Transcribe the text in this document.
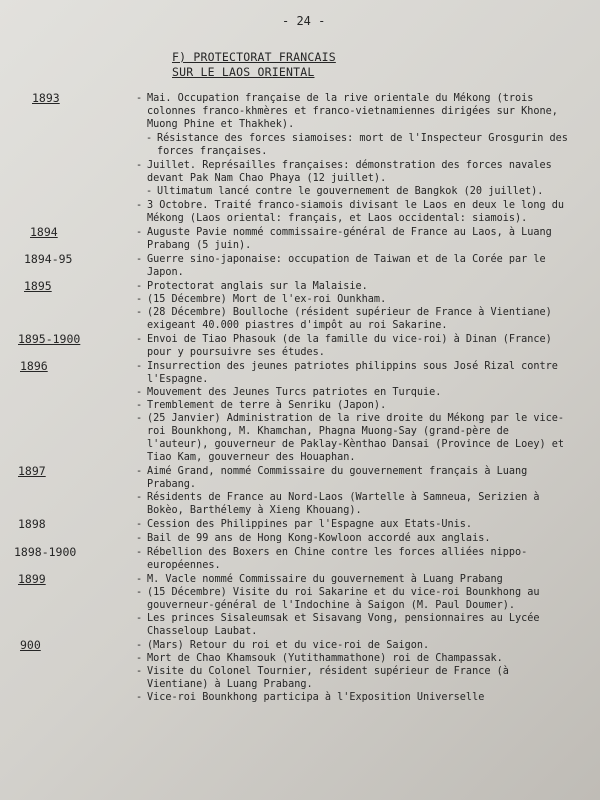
- 24 -
F) PROTECTORAT FRANCAIS
SUR LE LAOS ORIENTAL
1893	- Mai. Occupation française de la rive orientale du Mékong (trois colonnes franco-khmères et franco-vietnamiennes dirigées sur Khone, Muong Phine et Thakhek).
- Résistance des forces siamoises: mort de l'Inspecteur Grosgurin des forces françaises.
- Juillet. Représailles françaises: démonstration des forces navales devant Pak Nam Chao Phaya (12 juillet).
- Ultimatum lancé contre le gouvernement de Bangkok (20 juillet).
- 3 Octobre. Traité franco-siamois divisant le Laos en deux le long du Mékong (Laos oriental: français, et Laos occidental: siamois).
1894	- Auguste Pavie nommé commissaire-général de France au Laos, à Luang Prabang (5 juin).
1894-95	- Guerre sino-japonaise: occupation de Taiwan et de la Corée par le Japon.
1895	- Protectorat anglais sur la Malaisie.
- (15 Décembre) Mort de l'ex-roi Ounkham.
- (28 Décembre) Boulloche (résident supérieur de France à Vientiane) exigeant 40.000 piastres d'impôt au roi Sakarine.
1895-1900	- Envoi de Tiao Phasouk (de la famille du vice-roi) à Dinan (France) pour y poursuivre ses études.
1896	- Insurrection des jeunes patriotes philippins sous José Rizal contre l'Espagne.
- Mouvement des Jeunes Turcs patriotes en Turquie.
- Tremblement de terre à Senriku (Japon).
- (25 Janvier) Administration de la rive droite du Mékong par le vice-roi Bounkhong, M. Khamchan, Phagna Muong-Say (grand-père de l'auteur), gouverneur de Paklay-Kènthao Dansai (Province de Loey) et Tiao Kam, gouverneur des Houaphan.
1897	- Aimé Grand, nommé Commissaire du gouvernement français à Luang Prabang.
- Résidents de France au Nord-Laos (Wartelle à Samneua, Serizien à Bokèo, Barthélemy à Xieng Khouang).
1898	- Cession des Philippines par l'Espagne aux Etats-Unis.
- Bail de 99 ans de Hong Kong-Kowloon accordé aux anglais.
1898-1900	- Rébellion des Boxers en Chine contre les forces alliées nippo-européennes.
1899	- M. Vacle nommé Commissaire du gouvernement à Luang Prabang
- (15 Décembre) Visite du roi Sakarine et du vice-roi Bounkhong au gouverneur-général de l'Indochine à Saigon (M. Paul Doumer).
- Les princes Sisaleumsak et Sisavang Vong, pensionnaires au Lycée Chasseloup Laubat.
900	- (Mars) Retour du roi et du vice-roi de Saigon.
- Mort de Chao Khamsouk (Yutithammathone) roi de Champassak.
- Visite du Colonel Tournier, résident supérieur de France (à Vientiane) à Luang Prabang.
- Vice-roi Bounkhong participa à l'Exposition Universelle
